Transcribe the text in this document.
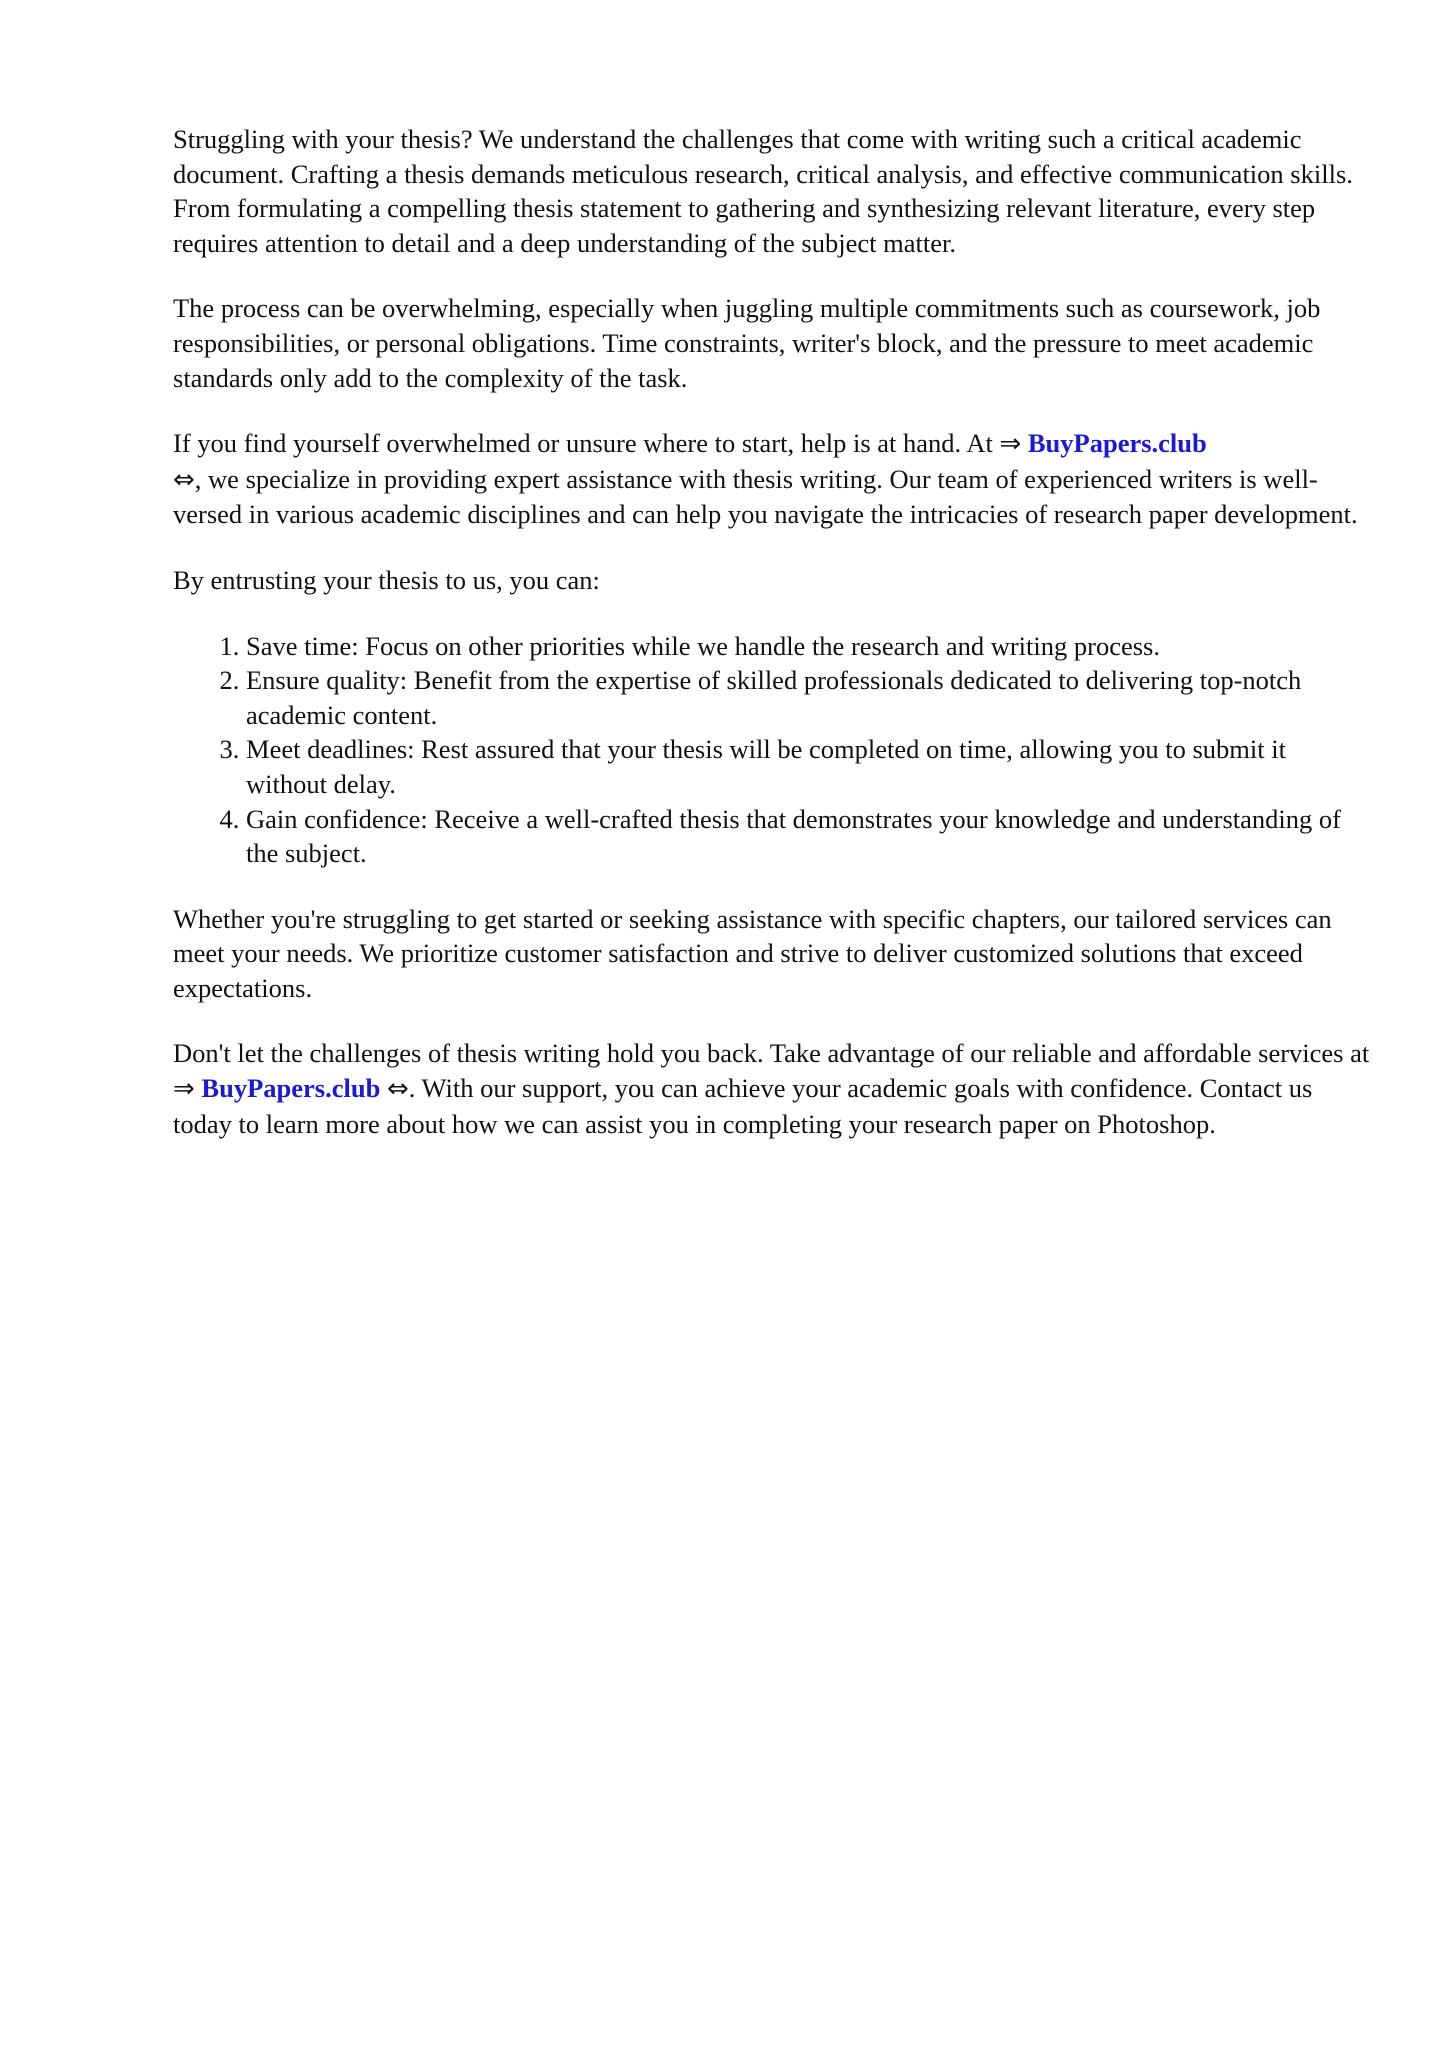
Struggling with your thesis? We understand the challenges that come with writing such a critical academic document. Crafting a thesis demands meticulous research, critical analysis, and effective communication skills. From formulating a compelling thesis statement to gathering and synthesizing relevant literature, every step requires attention to detail and a deep understanding of the subject matter.

The process can be overwhelming, especially when juggling multiple commitments such as coursework, job responsibilities, or personal obligations. Time constraints, writer's block, and the pressure to meet academic standards only add to the complexity of the task.

If you find yourself overwhelmed or unsure where to start, help is at hand. At ⇒ BuyPapers.club
⇔, we specialize in providing expert assistance with thesis writing. Our team of experienced writers is well-versed in various academic disciplines and can help you navigate the intricacies of research paper development.

By entrusting your thesis to us, you can:

1. Save time: Focus on other priorities while we handle the research and writing process.
2. Ensure quality: Benefit from the expertise of skilled professionals dedicated to delivering top-notch academic content.
3. Meet deadlines: Rest assured that your thesis will be completed on time, allowing you to submit it without delay.
4. Gain confidence: Receive a well-crafted thesis that demonstrates your knowledge and understanding of the subject.

Whether you're struggling to get started or seeking assistance with specific chapters, our tailored services can meet your needs. We prioritize customer satisfaction and strive to deliver customized solutions that exceed expectations.

Don't let the challenges of thesis writing hold you back. Take advantage of our reliable and affordable services at ⇒ BuyPapers.club ⇔. With our support, you can achieve your academic goals with confidence. Contact us today to learn more about how we can assist you in completing your research paper on Photoshop.
